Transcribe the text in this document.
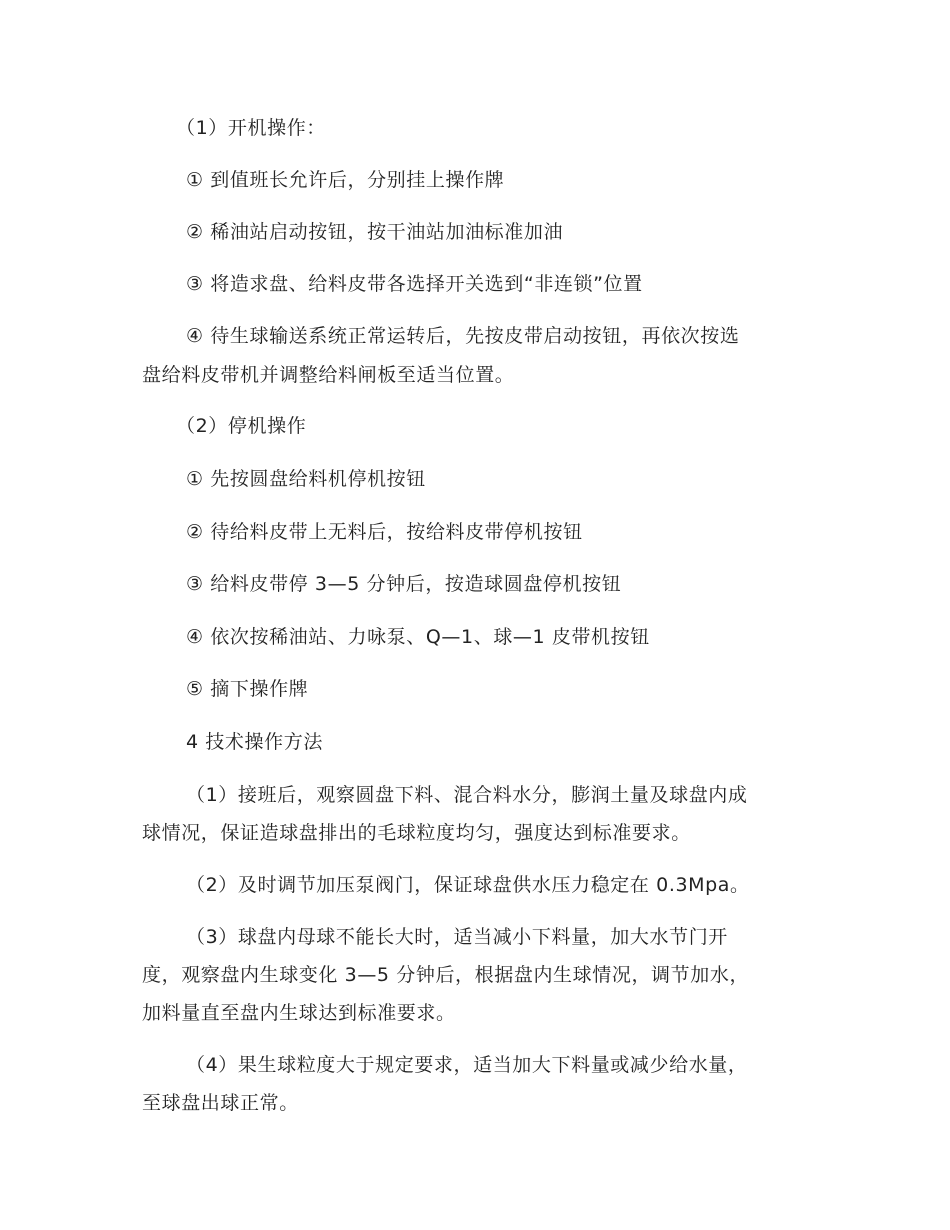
（1）开机操作：
① 到值班长允许后，分别挂上操作牌
② 稀油站启动按钮，按干油站加油标准加油
③ 将造求盘、给料皮带各选择开关选到“非连锁”位置
④ 待生球输送系统正常运转后，先按皮带启动按钮，再依次按选
盘给料皮带机并调整给料闸板至适当位置。
（2）停机操作
① 先按圆盘给料机停机按钮
② 待给料皮带上无料后，按给料皮带停机按钮
③ 给料皮带停 3—5 分钟后，按造球圆盘停机按钮
④ 依次按稀油站、力咏泵、Q—1、球—1 皮带机按钮
⑤ 摘下操作牌
4 技术操作方法
（1）接班后，观察圆盘下料、混合料水分，膨润土量及球盘内成
球情况，保证造球盘排出的毛球粒度均匀，强度达到标准要求。
（2）及时调节加压泵阀门，保证球盘供水压力稳定在 0.3Mpa。
（3）球盘内母球不能长大时，适当减小下料量，加大水节门开
度，观察盘内生球变化 3—5 分钟后，根据盘内生球情况，调节加水，
加料量直至盘内生球达到标准要求。
（4）果生球粒度大于规定要求，适当加大下料量或减少给水量，
至球盘出球正常。
